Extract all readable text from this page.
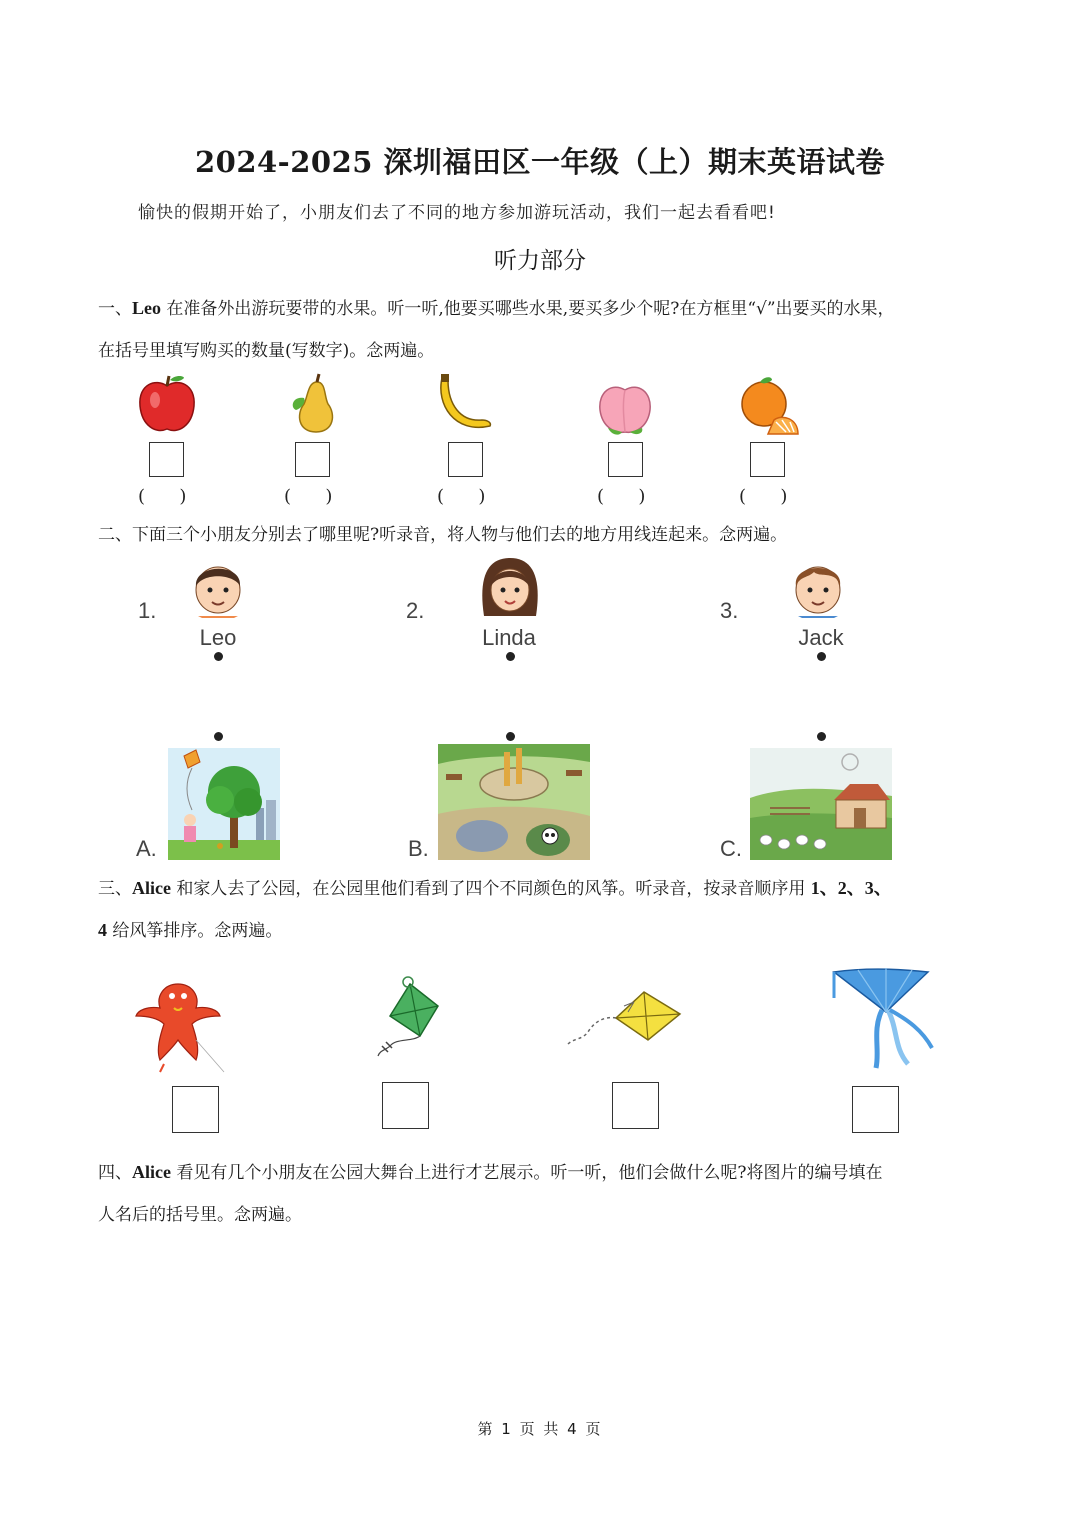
2024-2025 深圳福田区一年级（上）期末英语试卷
愉快的假期开始了，小朋友们去了不同的地方参加游玩活动，我们一起去看看吧!
听力部分
一、Leo 在准备外出游玩要带的水果。听一听,他要买哪些水果,要买多少个呢?在方框里“√”出要买的水果，
在括号里填写购买的数量(写数字)。念两遍。
(      )	(      )	(      )	(      )	(      )
二、下面三个小朋友分别去了哪里呢?听录音，将人物与他们去的地方用线连起来。念两遍。
1.
Leo
2.
Linda
3.
Jack
A.	B.	C.
三、Alice 和家人去了公园，在公园里他们看到了四个不同颜色的风筝。听录音，按录音顺序用 1、2、3、
4 给风筝排序。念两遍。
四、Alice 看见有几个小朋友在公园大舞台上进行才艺展示。听一听，他们会做什么呢?将图片的编号填在
人名后的括号里。念两遍。
第 1 页 共 4 页
